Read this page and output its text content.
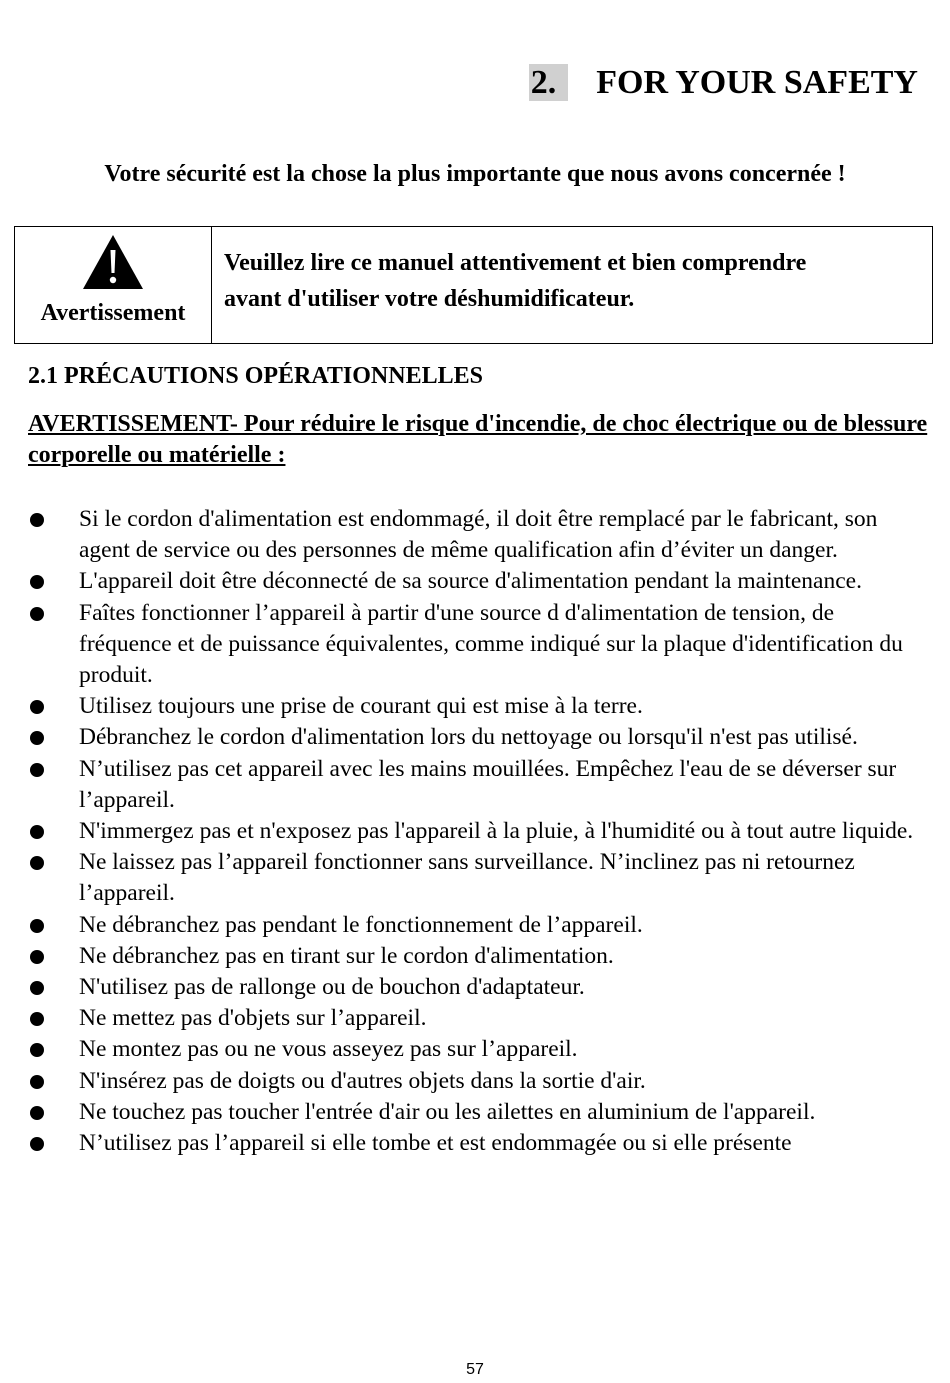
2. FOR YOUR SAFETY
Votre sécurité est la chose la plus importante que nous avons concernée !
Avertissement
Veuillez lire ce manuel attentivement et bien comprendre
avant d'utiliser votre déshumidificateur.
2.1 PRÉCAUTIONS OPÉRATIONNELLES
AVERTISSEMENT- Pour réduire le risque d'incendie, de choc électrique ou de blessure corporelle ou matérielle :
Si le cordon d'alimentation est endommagé, il doit être remplacé par le fabricant, son agent de service ou des personnes de même qualification afin d’éviter un danger.
L'appareil doit être déconnecté de sa source d'alimentation pendant la maintenance.
Faîtes fonctionner l’appareil à partir d'une source d d'alimentation de tension, de fréquence et de puissance équivalentes, comme indiqué sur la plaque d'identification du produit.
Utilisez toujours une prise de courant qui est mise à la terre.
Débranchez le cordon d'alimentation lors du nettoyage ou lorsqu'il n'est pas utilisé.
N’utilisez pas cet appareil avec les mains mouillées. Empêchez l'eau de se déverser sur l’appareil.
N'immergez pas et n'exposez pas l'appareil à la pluie, à l'humidité ou à tout autre liquide.
Ne laissez pas l’appareil fonctionner sans surveillance. N’inclinez pas ni retournez l’appareil.
Ne débranchez pas pendant le fonctionnement de l’appareil.
Ne débranchez pas en tirant sur le cordon d'alimentation.
N'utilisez pas de rallonge ou de bouchon d'adaptateur.
Ne mettez pas d'objets sur l’appareil.
Ne montez pas ou ne vous asseyez pas sur l’appareil.
N'insérez pas de doigts ou d'autres objets dans la sortie d'air.
Ne touchez pas toucher l'entrée d'air ou les ailettes en aluminium de l'appareil.
N’utilisez pas l’appareil si elle tombe et est endommagée ou si elle présente
57
